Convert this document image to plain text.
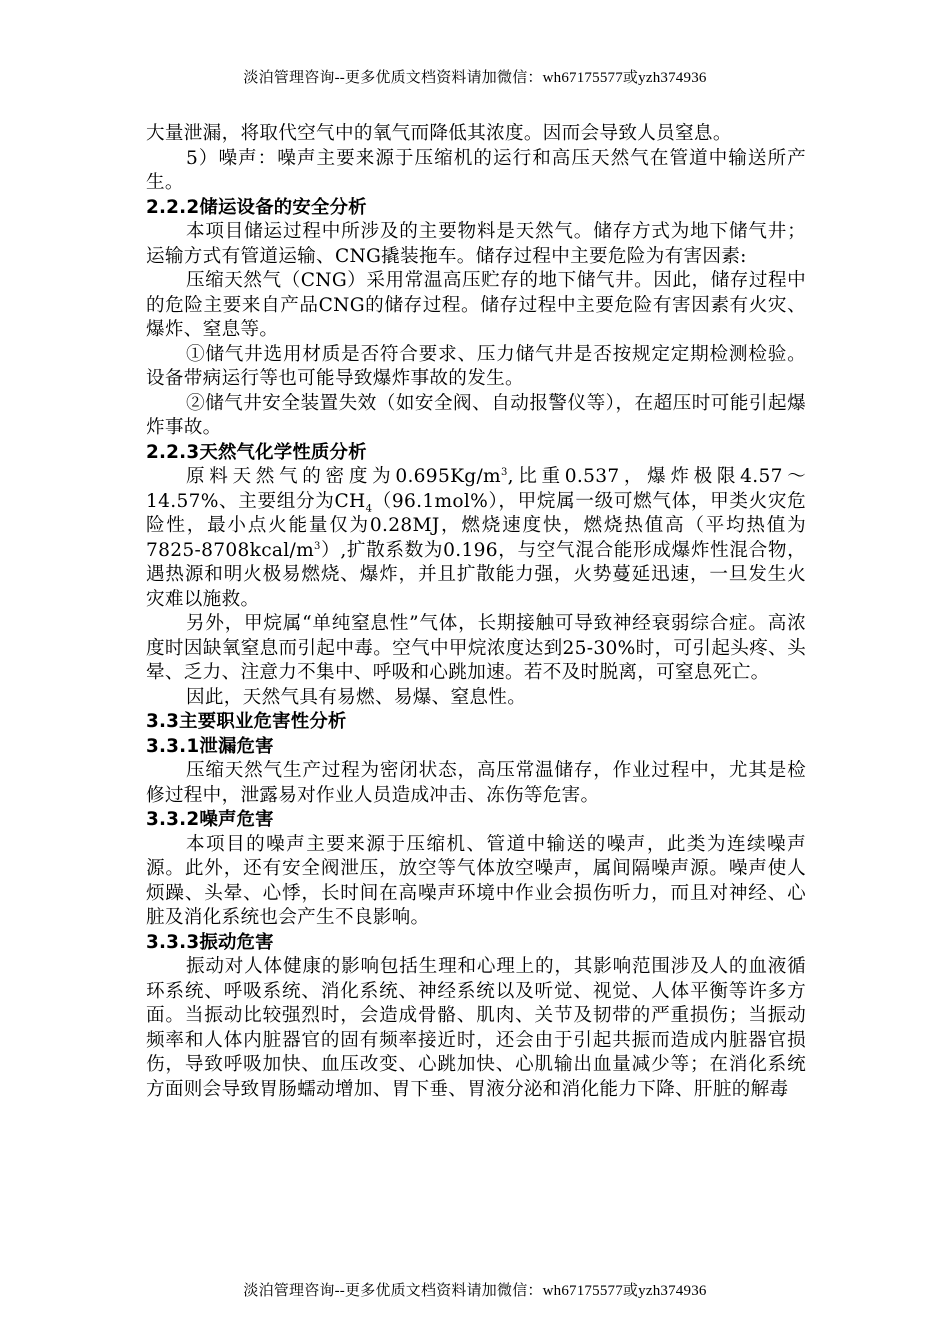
淡泊管理咨询--更多优质文档资料请加微信：wh67175577或yzh374936

大量泄漏，将取代空气中的氧气而降低其浓度。因而会导致人员窒息。

5）噪声：噪声主要来源于压缩机的运行和高压天然气在管道中输送所产生。

2.2.2储运设备的安全分析

本项目储运过程中所涉及的主要物料是天然气。储存方式为地下储气井；运输方式有管道运输、CNG撬装拖车。储存过程中主要危险为有害因素:

压缩天然气（CNG）采用常温高压贮存的地下储气井。因此，储存过程中的危险主要来自产品CNG的储存过程。储存过程中主要危险有害因素有火灾、爆炸、窒息等。

①储气井选用材质是否符合要求、压力储气井是否按规定定期检测检验。设备带病运行等也可能导致爆炸事故的发生。

②储气井安全装置失效（如安全阀、自动报警仪等），在超压时可能引起爆炸事故。

2.2.3天然气化学性质分析

原料天然气的密度为$0.695Kg/m^3$,比重0.537，爆炸极限4.57～14.57%、主要组分为$CH_4(96.1mol\%)$，甲烷属一级可燃气体，甲类火灾危险性，最小点火能量仅为0.28MJ，燃烧速度快，燃烧热值高（平均热值为$7825-8708kcal/m^3$）,扩散系数为0.196，与空气混合能形成爆炸性混合物，遇热源和明火极易燃烧、爆炸，并且扩散能力强，火势蔓延迅速，一旦发生火灾难以施救。

另外，甲烷属“单纯窒息性”气体，长期接触可导致神经衰弱综合症。高浓度时因缺氧窒息而引起中毒。空气中甲烷浓度达到25-30%时，可引起头疼、头晕、乏力、注意力不集中、呼吸和心跳加速。若不及时脱离，可窒息死亡。

因此，天然气具有易燃、易爆、窒息性。

3.3主要职业危害性分析
3.3.1泄漏危害

压缩天然气生产过程为密闭状态，高压常温储存，作业过程中，尤其是检修过程中，泄露易对作业人员造成冲击、冻伤等危害。

3.3.2噪声危害

本项目的噪声主要来源于压缩机、管道中输送的噪声，此类为连续噪声源。此外，还有安全阀泄压，放空等气体放空噪声，属间隔噪声源。噪声使人烦躁、头晕、心悸，长时间在高噪声环境中作业会损伤听力，而且对神经、心脏及消化系统也会产生不良影响。

3.3.3振动危害

振动对人体健康的影响包括生理和心理上的，其影响范围涉及人的血液循环系统、呼吸系统、消化系统、神经系统以及听觉、视觉、人体平衡等许多方面。当振动比较强烈时，会造成骨骼、肌肉、关节及韧带的严重损伤；当振动频率和人体内脏器官的固有频率接近时，还会由于引起共振而造成内脏器官损伤，导致呼吸加快、血压改变、心跳加快、心肌输出血量减少等；在消化系统方面则会导致胃肠蠕动增加、胃下垂、胃液分泌和消化能力下降、肝脏的解毒

淡泊管理咨询--更多优质文档资料请加微信：wh67175577或yzh374936
